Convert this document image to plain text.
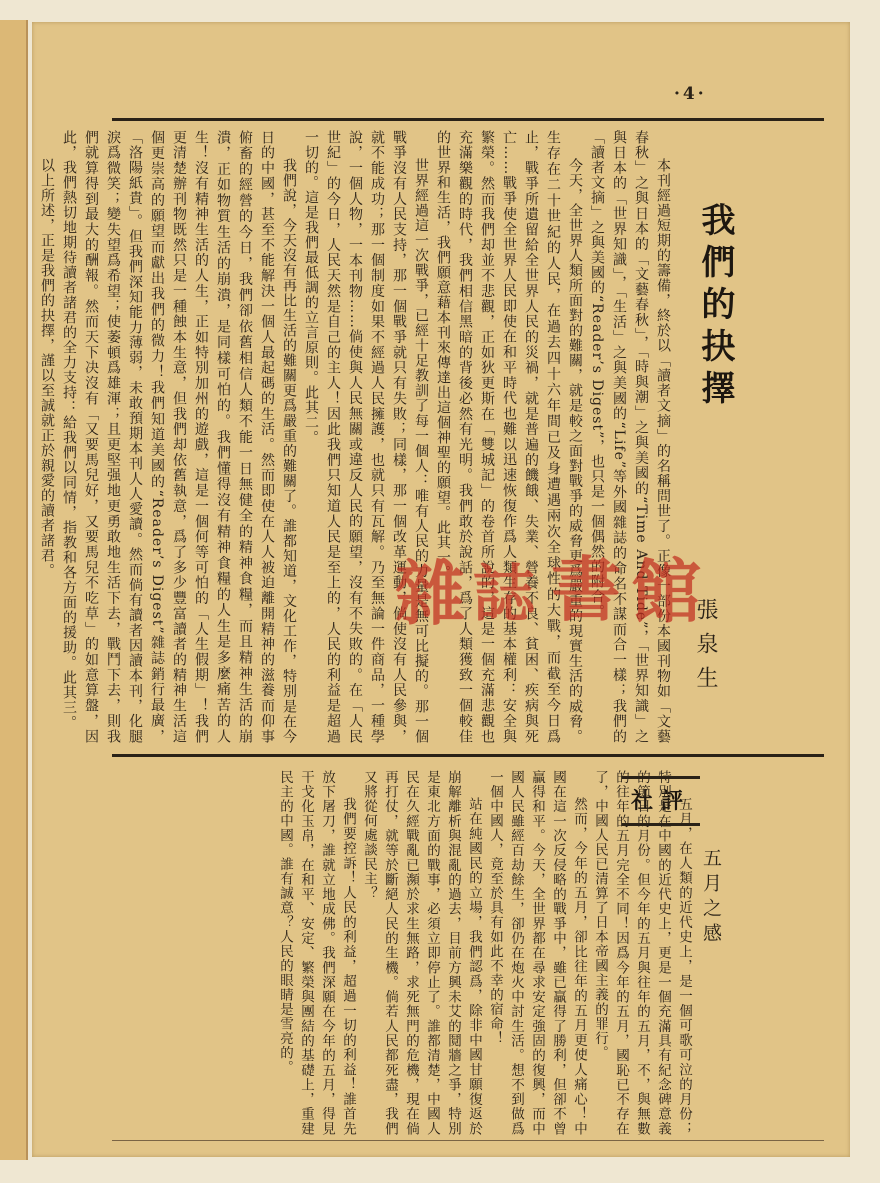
·4·
我們的抉擇
張泉生

本刊經過短期的籌備，終於以「讀者文摘」的名稱問世了。正像一部份本國刊物如「文藝春秋」之與日本的「文藝春秋」，「時與潮」之與美國的“Time And Tide”，「世界知識」之與日本的「世界知識」，「生活」之與美國的“Life”等外國雜誌的命名不謀而合一樣；我們的「讀者文摘」之與美國的“Reader’s Digest”，也只是一個偶然的附合。

今天，全世界人類所面對的難關，就是較之面對戰爭的威脅更爲嚴重的現實生活的威脅。生存在二十世紀的人民，在過去四十六年間已及身遭遇兩次全球性的大戰，而截至今日爲止，戰爭所遺留給全世界人民的災禍，就是普遍的饑餓、失業、營養不良、貧困、疾病與死亡……戰爭使全世界人民即使在和平時代也難以迅速恢復作爲人類生存的基本權利：安全與繁榮。然而我們却並不悲觀，正如狄更斯在「雙城記」的卷首所說的，這是一個充滿悲觀也充滿樂觀的時代，我們相信黑暗的背後必然有光明。我們敢於說話，爲了人類獲致一個較佳的世界和生活，我們願意藉本刊來傳達出這個神聖的願望。此其一。

世界經過這一次戰爭，已經十足教訓了每一個人：唯有人民的力量是無可比擬的。那一個戰爭沒有人民支持，那一個戰爭就只有失敗；同樣，那一個改革運動，倘使沒有人民參與，就不能成功；那一個制度如果不經過人民擁護，也就只有瓦解。乃至無論一件商品，一種學說，一個人物，一本刊物……倘使與人民無關或違反人民的願望，沒有不失敗的。在「人民世紀」的今日，人民天然是自己的主人！因此我們只知道人民是至上的，人民的利益是超過一切的。這是我們最低調的立言原則。此其二。

我們說，今天沒有再比生活的難關更爲嚴重的難關了。誰都知道，文化工作，特別是在今日的中國，甚至不能解決一個人最起碼的生活。然而即使在人人被迫離開精神的滋養而仰事俯畜的經營的今日，我們卻依舊相信人類不能一日無健全的精神食糧，而且精神生活的崩潰，正如物質生活的崩潰，是同樣可怕的。我們懂得沒有精神食糧的人生是多麼痛苦的人生！沒有精神生活的人生，正如特別加州的遊戲，這是一個何等可怕的「人生假期」！我們更清楚辦刊物既然只是一種蝕本生意，但我們却依舊執意，爲了多少豐富讀者的精神生活這個更崇高的願望而獻出我們的微力！我們知道美國的“Reader’s Digest”雜誌銷行最廣，「洛陽紙貴」。但我們深知能力薄弱，未敢預期本刊人人愛讀。然而倘有讀者因讀本刊，化腿淚爲微笑；變失望爲希望；使萎頓爲雄渾；且更堅强地更勇敢地生活下去，戰鬥下去，則我們就算得到最大的酬報。然而天下决沒有「又要馬兒好，又要馬兒不吃草」的如意算盤，因此，我們熱切地期待讀者諸君的全力支持：給我們以同情，指教和各方面的援助。此其三。

以上所述，正是我們的抉擇，謹以至誠就正於親愛的讀者諸君。

社評
五月之感

五月，在人類的近代史上，是一個可歌可泣的月份；特別是在中國的近代史上，更是一個充滿具有紀念碑意義的節日的月份。但今年的五月與往年的五月，不，與無數的往年的五月完全不同！因爲今年的五月，國恥已不存在了，中國人民已清算了日本帝國主義的罪行。

然而，今年的五月，卻比往年的五月更使人痛心！中國在這一次反侵略的戰爭中，雖已贏得了勝利，但卻不曾贏得和平。今天，全世界都在尋求安定強固的復興，而中國人民雖經百劫餘生，卻仍在炮火中討生活。想不到做爲一個中國人，竟至於具有如此不幸的宿命！

站在純國民的立場，我們認爲，除非中國甘願復返於崩解離析與混亂的過去，目前方興未艾的鬩牆之爭，特別是東北方面的戰事，必須立即停止了。誰都清楚，中國人民在久經戰亂已瀕於求生無路，求死無門的危機，現在倘再打仗，就等於斷絕人民的生機。倘若人民都死盡，我們又將從何處談民主？

我們要控訴！人民的利益，超過一切的利益！誰首先放下屠刀，誰就立地成佛。我們深願在今年的五月，得見干戈化玉帛，在和平、安定、繁榮與團結的基礎上，重建民主的中國。誰有誠意？人民的眼睛是雪亮的。

雜 誌 書 館
